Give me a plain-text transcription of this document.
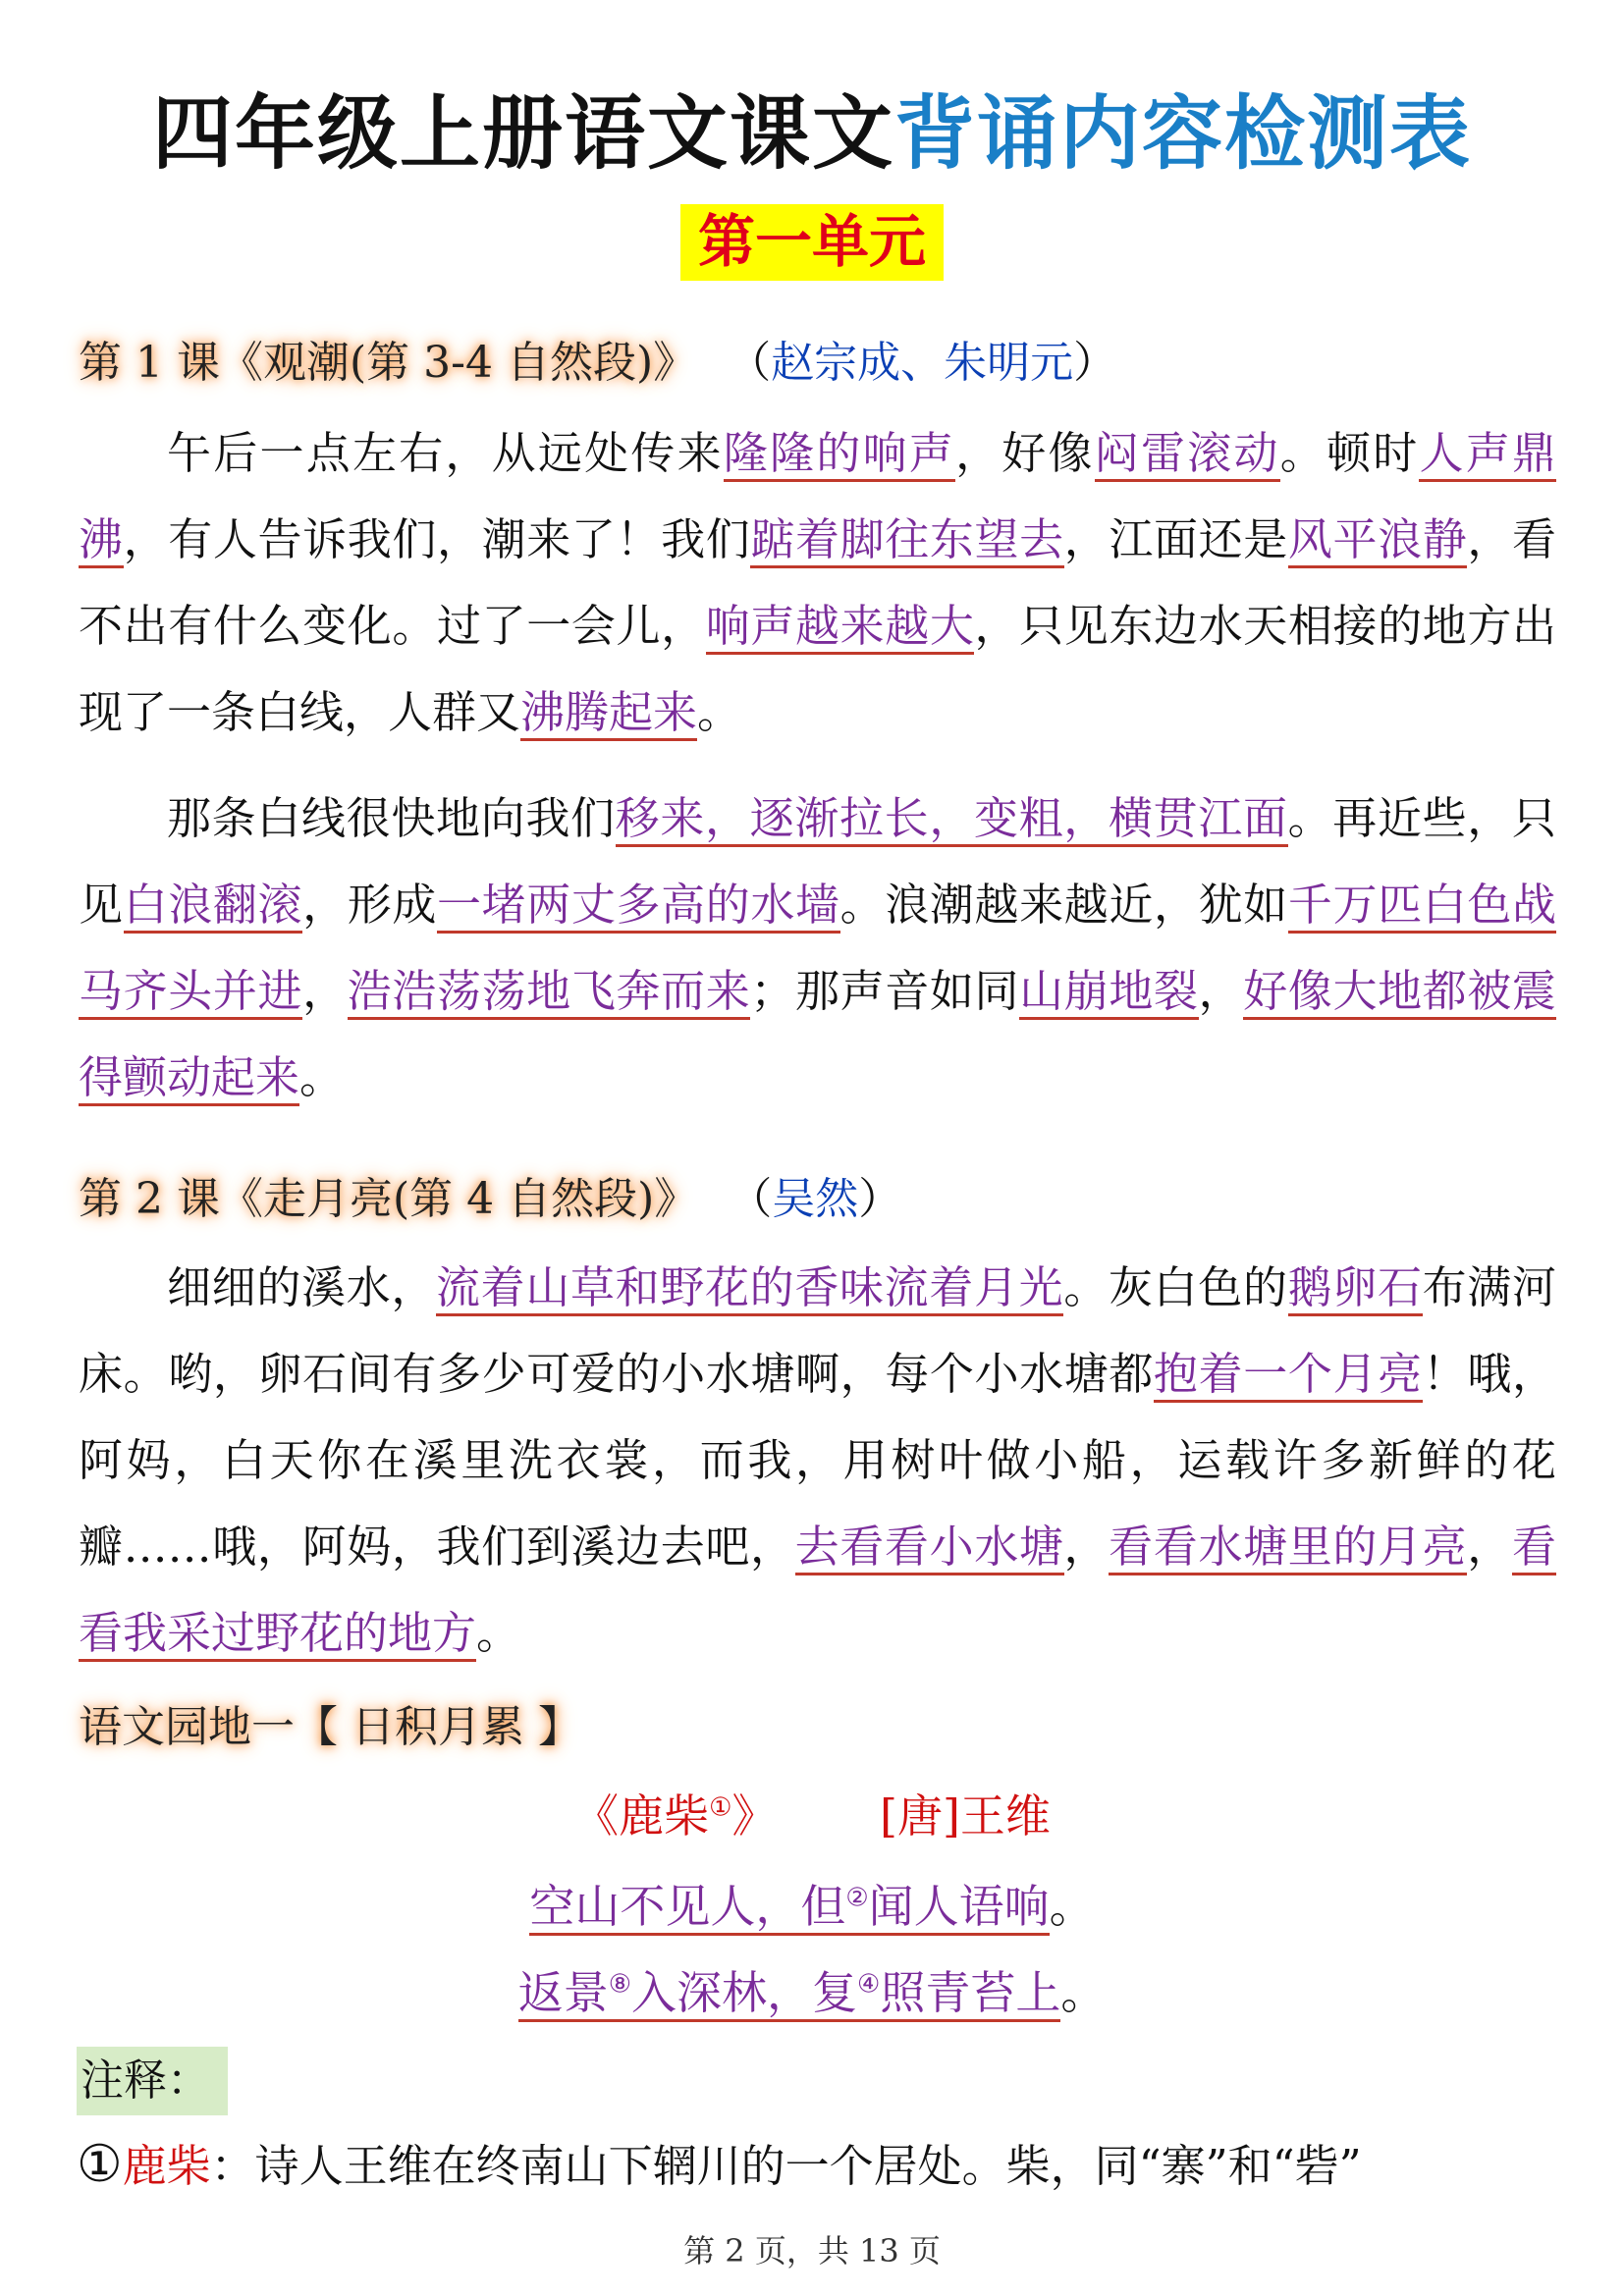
四年级上册语文课文背诵内容检测表
第一单元
第 1 课《观潮(第 3-4 自然段)》 （赵宗成、朱明元）

午后一点左右，从远处传来隆隆的响声，好像闷雷滚动。顿时人声鼎沸，有人告诉我们，潮来了！我们踮着脚往东望去，江面还是风平浪静，看不出有什么变化。过了一会儿，响声越来越大，只见东边水天相接的地方出现了一条白线，人群又沸腾起来。

那条白线很快地向我们移来，逐渐拉长，变粗，横贯江面。再近些，只见白浪翻滚，形成一堵两丈多高的水墙。浪潮越来越近，犹如千万匹白色战马齐头并进，浩浩荡荡地飞奔而来；那声音如同山崩地裂，好像大地都被震得颤动起来。

第 2 课《走月亮(第 4 自然段)》 （吴然）

细细的溪水，流着山草和野花的香味流着月光。灰白色的鹅卵石布满河床。哟，卵石间有多少可爱的小水塘啊，每个小水塘都抱着一个月亮！哦，阿妈，白天你在溪里洗衣裳，而我，用树叶做小船，运载许多新鲜的花瓣……哦，阿妈，我们到溪边去吧，去看看小水塘，看看水塘里的月亮，看看我采过野花的地方。

语文园地一【 日积月累 】
《鹿柴①》 [唐]王维
空山不见人，但②闻人语响。
返景⑧入深林，复④照青苔上。
注释：
①鹿柴：诗人王维在终南山下辋川的一个居处。柴，同“寨”和“砦”
第 2 页，共 13 页
